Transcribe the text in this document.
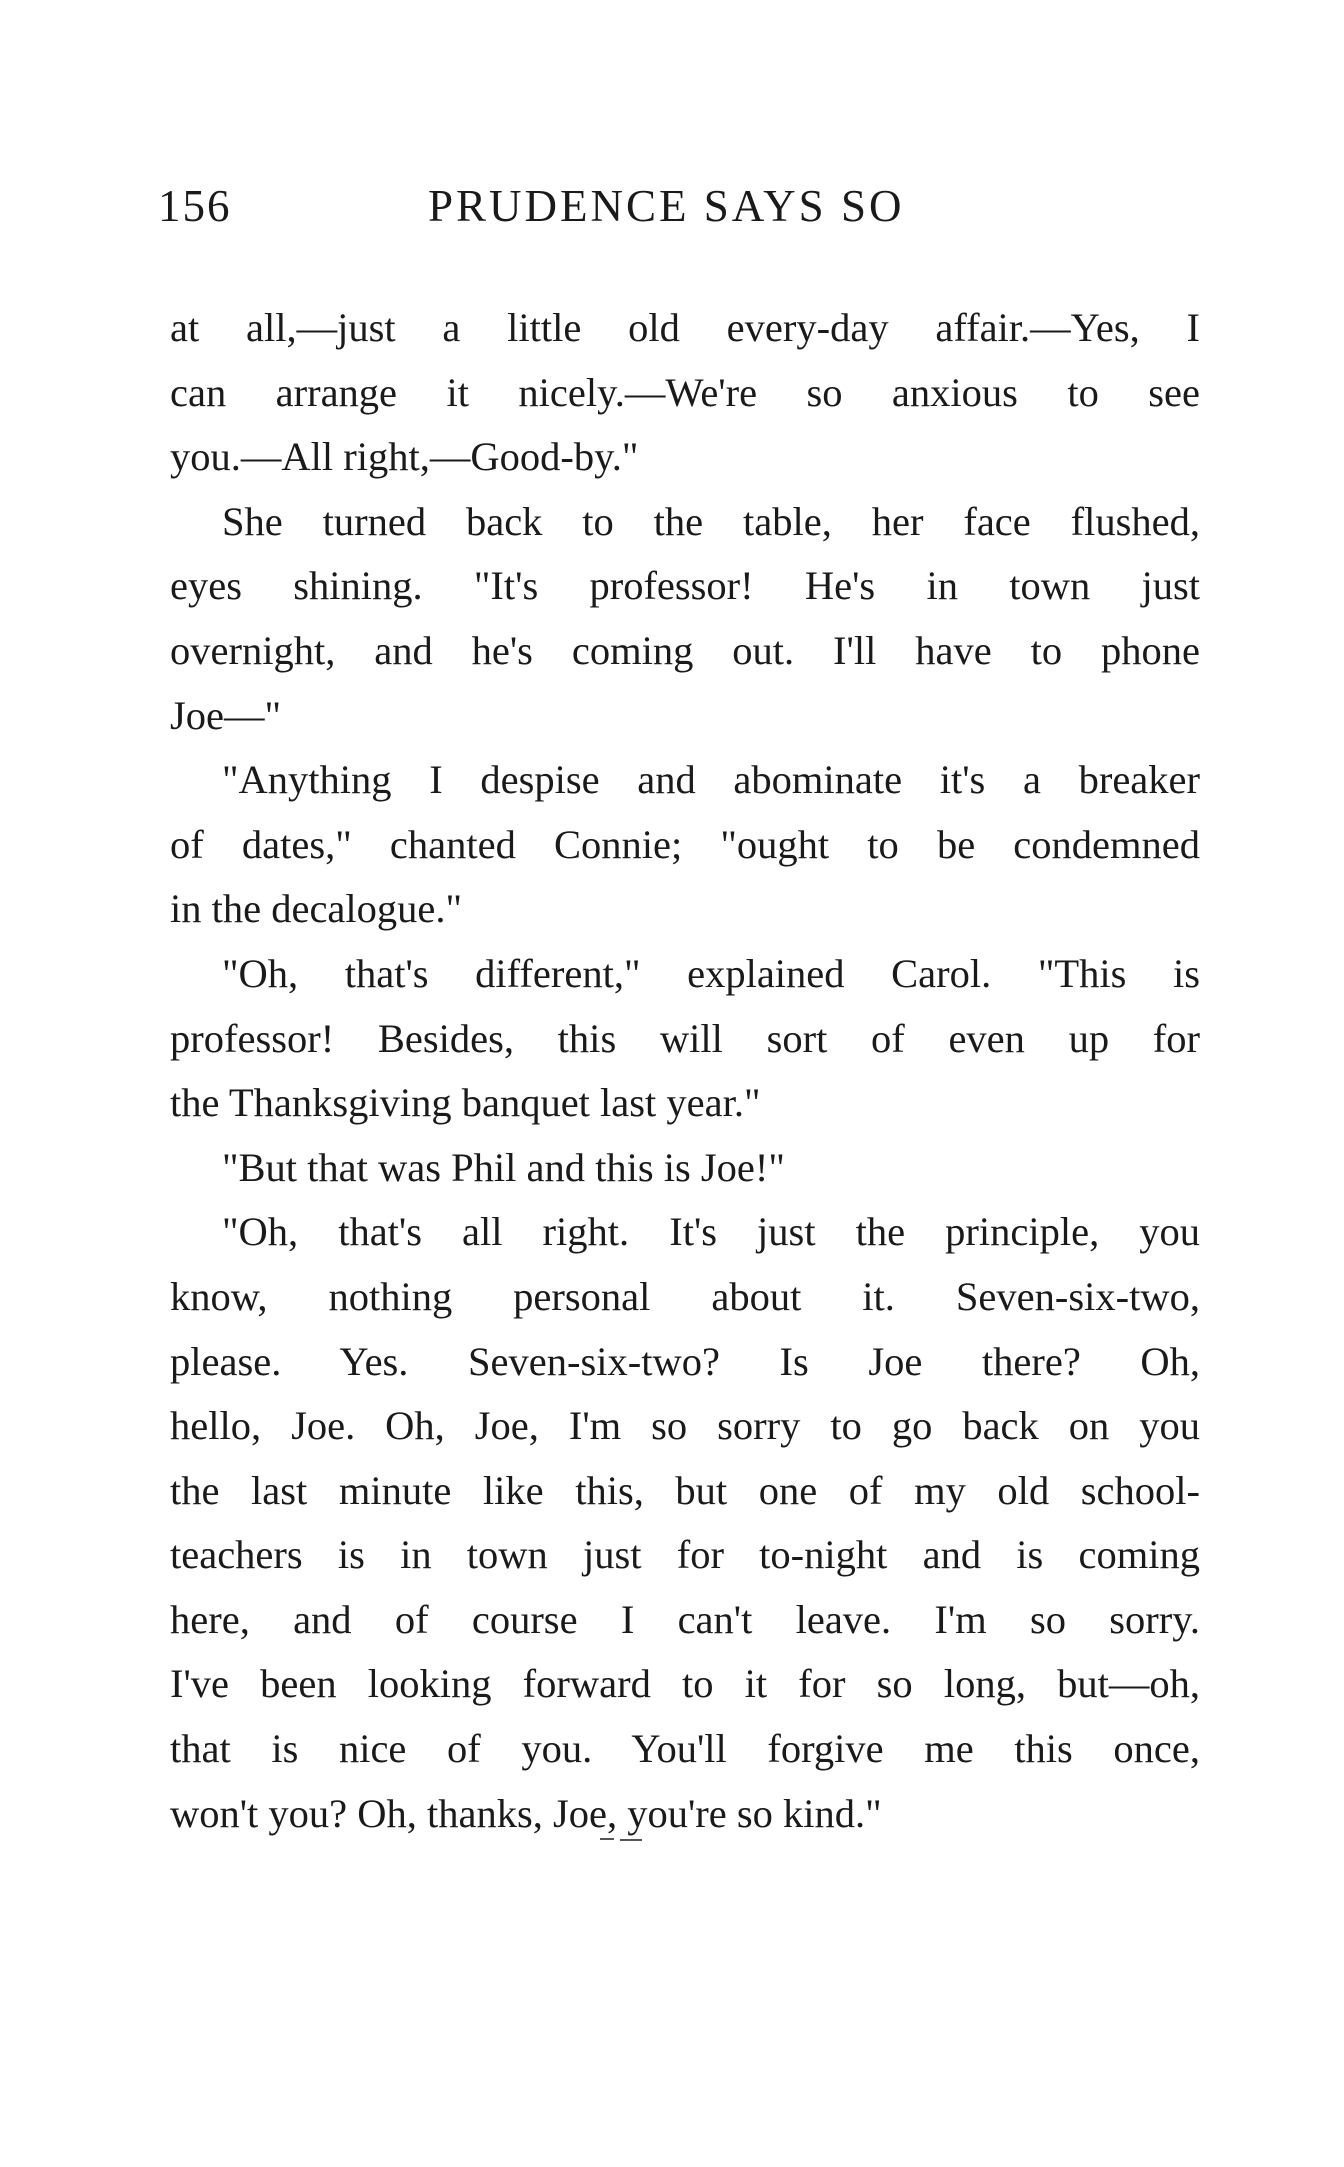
156	PRUDENCE SAYS SO
at all,—just a little old every-day affair.—Yes, I
can arrange it nicely.—We're so anxious to see
you.—All right,—Good-by."
She turned back to the table, her face flushed,
eyes shining. "It's professor! He's in town just
overnight, and he's coming out. I'll have to phone
Joe—"
"Anything I despise and abominate it's a breaker
of dates," chanted Connie; "ought to be condemned
in the decalogue."
"Oh, that's different," explained Carol. "This is
professor! Besides, this will sort of even up for
the Thanksgiving banquet last year."
"But that was Phil and this is Joe!"
"Oh, that's all right. It's just the principle, you
know, nothing personal about it. Seven-six-two,
please. Yes. Seven-six-two? Is Joe there? Oh,
hello, Joe. Oh, Joe, I'm so sorry to go back on you
the last minute like this, but one of my old school-
teachers is in town just for to-night and is coming
here, and of course I can't leave. I'm so sorry.
I've been looking forward to it for so long, but—oh,
that is nice of you. You'll forgive me this once,
won't you? Oh, thanks, Joe, you're so kind."
